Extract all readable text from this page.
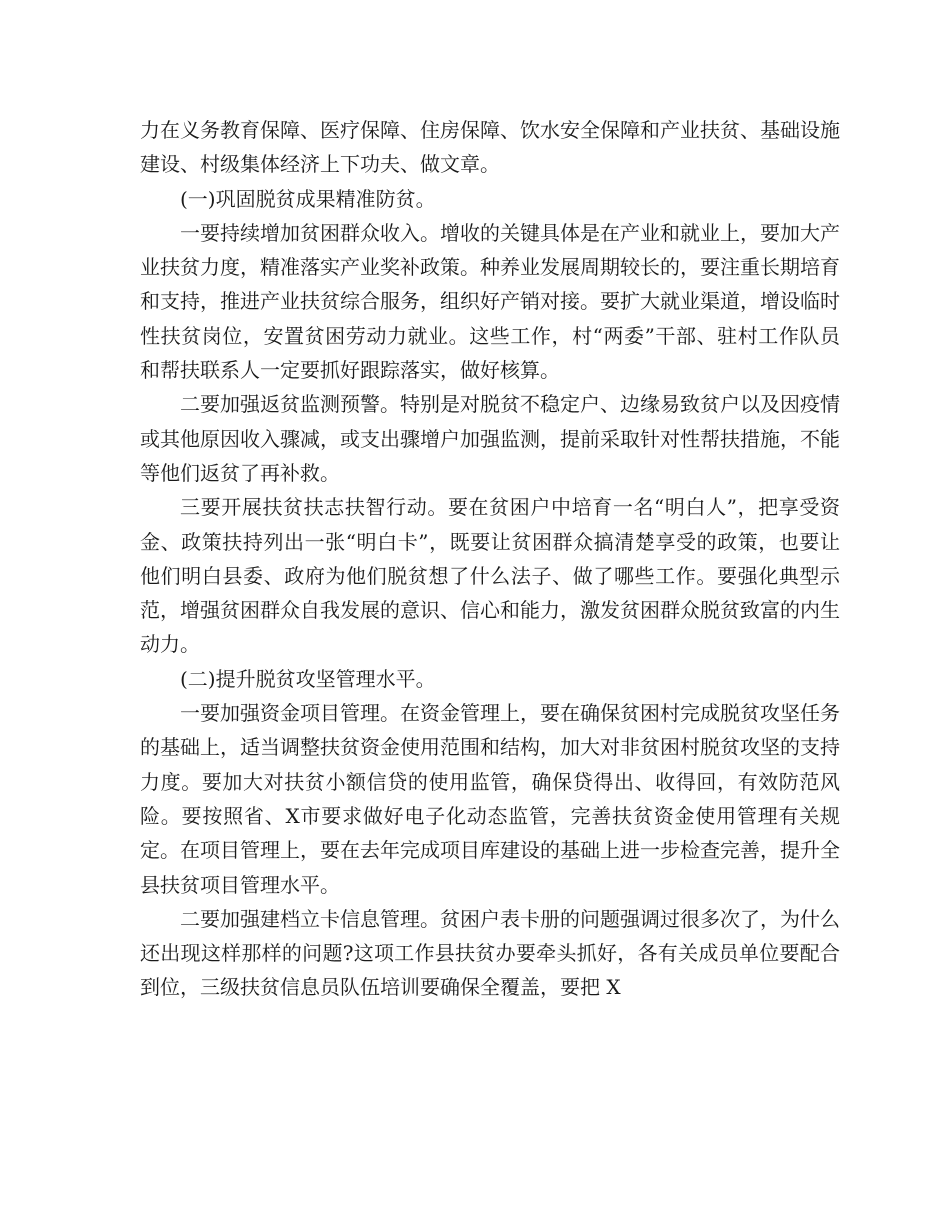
力在义务教育保障、医疗保障、住房保障、饮水安全保障和产业扶贫、基础设施建设、村级集体经济上下功夫、做文章。

(一)巩固脱贫成果精准防贫。

一要持续增加贫困群众收入。增收的关键具体是在产业和就业上，要加大产业扶贫力度，精准落实产业奖补政策。种养业发展周期较长的，要注重长期培育和支持，推进产业扶贫综合服务，组织好产销对接。要扩大就业渠道，增设临时性扶贫岗位，安置贫困劳动力就业。这些工作，村“两委”干部、驻村工作队员和帮扶联系人一定要抓好跟踪落实，做好核算。

二要加强返贫监测预警。特别是对脱贫不稳定户、边缘易致贫户以及因疫情或其他原因收入骤减，或支出骤增户加强监测，提前采取针对性帮扶措施，不能等他们返贫了再补救。

三要开展扶贫扶志扶智行动。要在贫困户中培育一名“明白人”，把享受资金、政策扶持列出一张“明白卡”，既要让贫困群众搞清楚享受的政策，也要让他们明白县委、政府为他们脱贫想了什么法子、做了哪些工作。要强化典型示范，增强贫困群众自我发展的意识、信心和能力，激发贫困群众脱贫致富的内生动力。

(二)提升脱贫攻坚管理水平。

一要加强资金项目管理。在资金管理上，要在确保贫困村完成脱贫攻坚任务的基础上，适当调整扶贫资金使用范围和结构，加大对非贫困村脱贫攻坚的支持力度。要加大对扶贫小额信贷的使用监管，确保贷得出、收得回，有效防范风险。要按照省、X市要求做好电子化动态监管，完善扶贫资金使用管理有关规定。在项目管理上，要在去年完成项目库建设的基础上进一步检查完善，提升全县扶贫项目管理水平。

二要加强建档立卡信息管理。贫困户表卡册的问题强调过很多次了，为什么还出现这样那样的问题?这项工作县扶贫办要牵头抓好，各有关成员单位要配合到位，三级扶贫信息员队伍培训要确保全覆盖，要把 X
